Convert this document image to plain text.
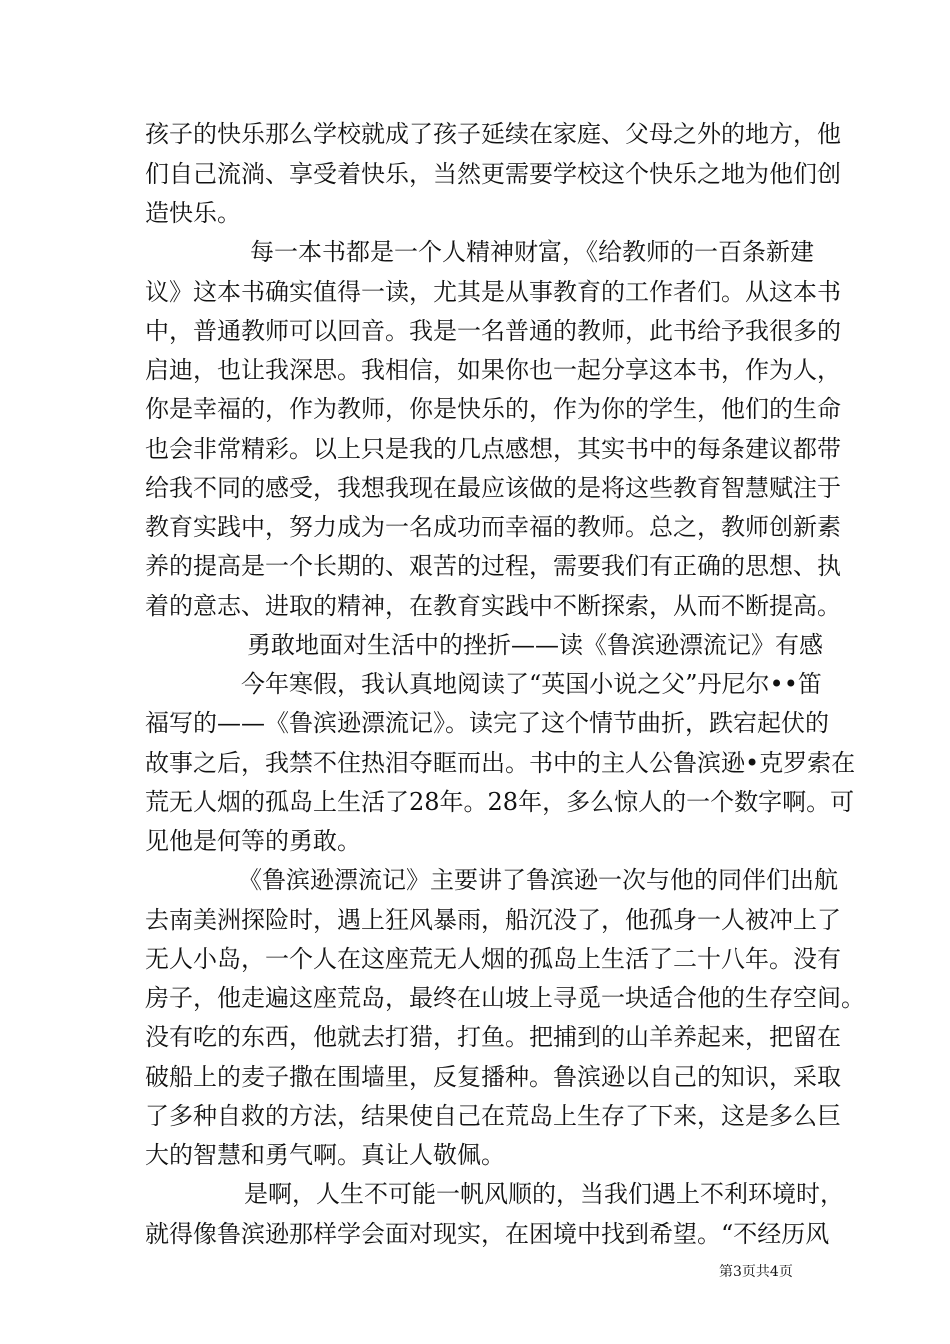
孩子的快乐那么学校就成了孩子延续在家庭、父母之外的地方，他
们自己流淌、享受着快乐，当然更需要学校这个快乐之地为他们创
造快乐。
每一本书都是一个人精神财富，《给教师的一百条新建
议》这本书确实值得一读，尤其是从事教育的工作者们。从这本书
中，普通教师可以回音。我是一名普通的教师，此书给予我很多的
启迪，也让我深思。我相信，如果你也一起分享这本书，作为人，
你是幸福的，作为教师，你是快乐的，作为你的学生，他们的生命
也会非常精彩。以上只是我的几点感想，其实书中的每条建议都带
给我不同的感受，我想我现在最应该做的是将这些教育智慧赋注于
教育实践中，努力成为一名成功而幸福的教师。总之，教师创新素
养的提高是一个长期的、艰苦的过程，需要我们有正确的思想、执
着的意志、进取的精神，在教育实践中不断探索，从而不断提高。
勇敢地面对生活中的挫折——读《鲁滨逊漂流记》有感
今年寒假，我认真地阅读了“英国小说之父”丹尼尔••笛
福写的——《鲁滨逊漂流记》。读完了这个情节曲折，跌宕起伏的
故事之后，我禁不住热泪夺眶而出。书中的主人公鲁滨逊•克罗索在
荒无人烟的孤岛上生活了28年。28年，多么惊人的一个数字啊。可
见他是何等的勇敢。
《鲁滨逊漂流记》主要讲了鲁滨逊一次与他的同伴们出航
去南美洲探险时，遇上狂风暴雨，船沉没了，他孤身一人被冲上了
无人小岛，一个人在这座荒无人烟的孤岛上生活了二十八年。没有
房子，他走遍这座荒岛，最终在山坡上寻觅一块适合他的生存空间。
没有吃的东西，他就去打猎，打鱼。把捕到的山羊养起来，把留在
破船上的麦子撒在围墙里，反复播种。鲁滨逊以自己的知识，采取
了多种自救的方法，结果使自己在荒岛上生存了下来，这是多么巨
大的智慧和勇气啊。真让人敬佩。
是啊，人生不可能一帆风顺的，当我们遇上不利环境时，
就得像鲁滨逊那样学会面对现实，在困境中找到希望。“不经历风
第3页共4页
